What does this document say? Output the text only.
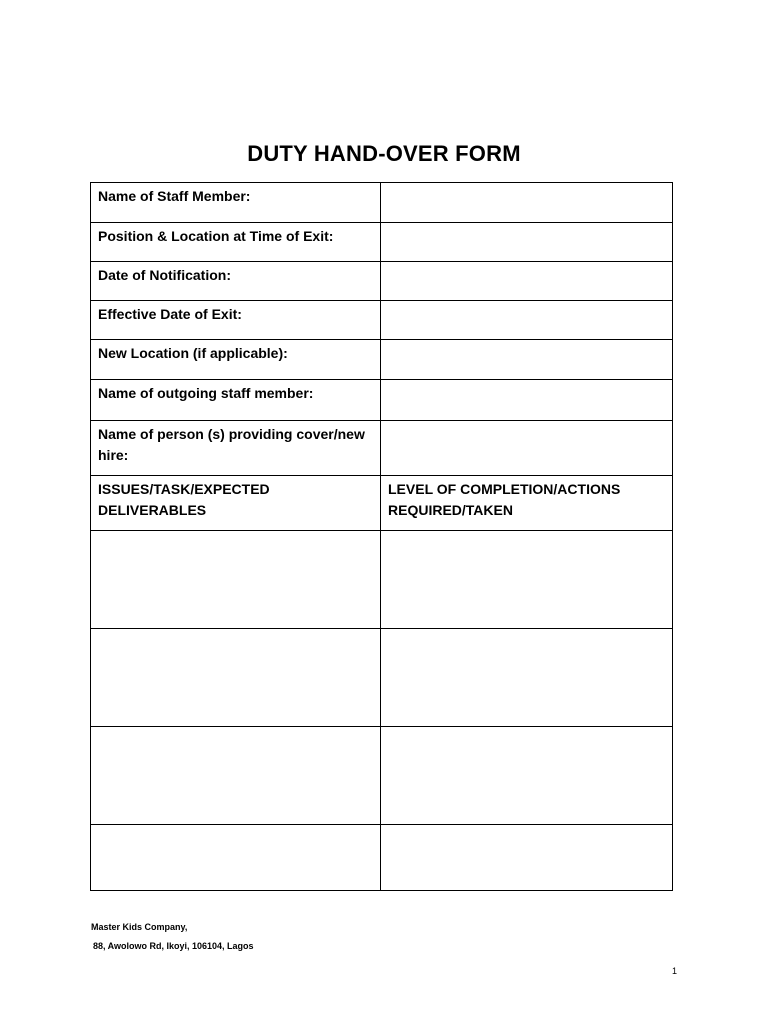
DUTY HAND-OVER FORM
Name of Staff Member:	
Position & Location at Time of Exit:	
Date of Notification:	
Effective Date of Exit:	
New Location (if applicable):	
Name of outgoing staff member:	
Name of person (s) providing cover/new hire:	
ISSUES/TASK/EXPECTED DELIVERABLES	LEVEL OF COMPLETION/ACTIONS REQUIRED/TAKEN

Master Kids Company,
88, Awolowo Rd, Ikoyi, 106104, Lagos
1
